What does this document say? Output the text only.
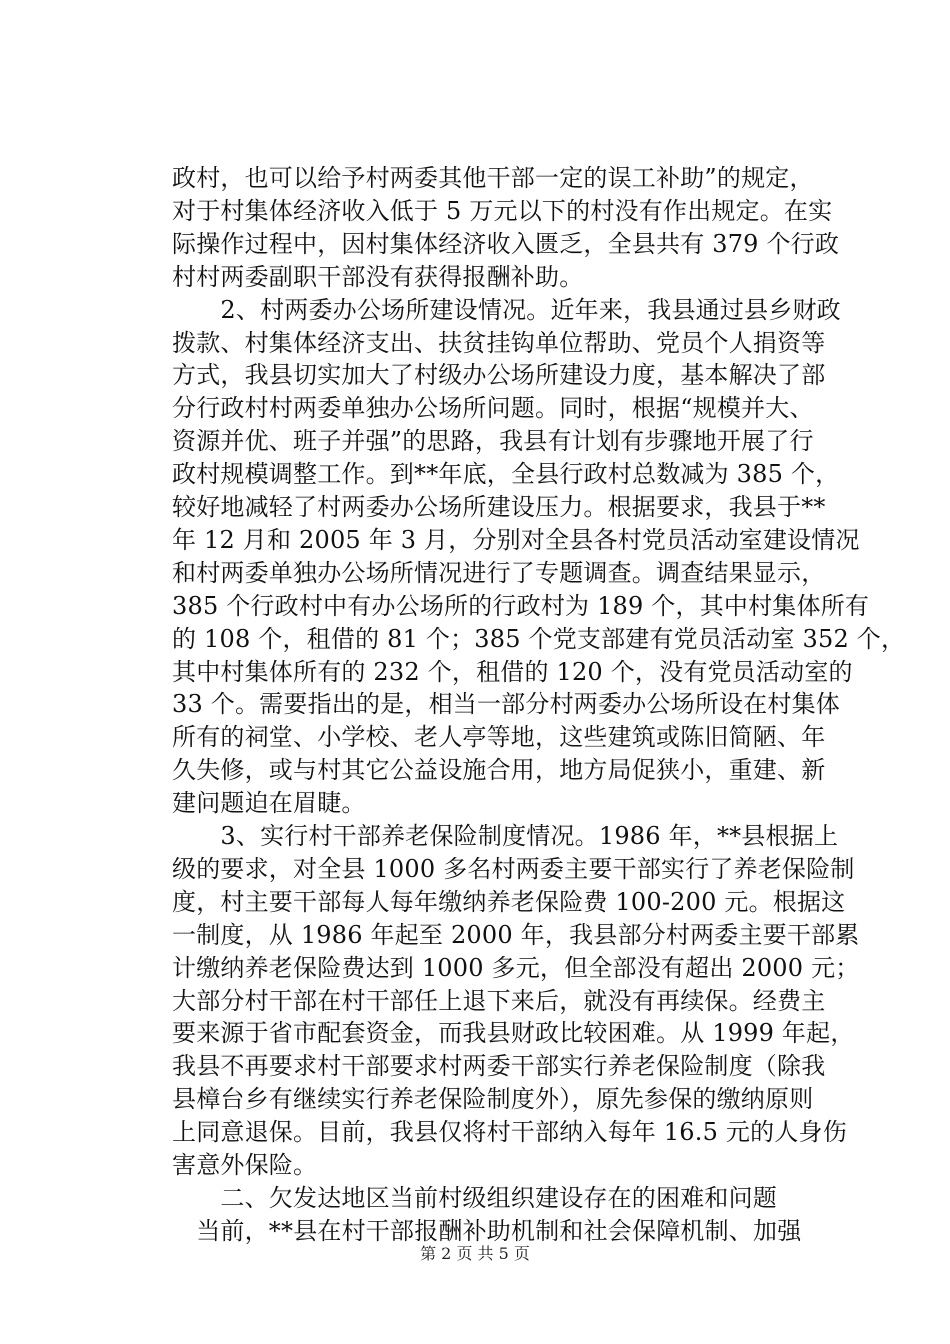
政村，也可以给予村两委其他干部一定的误工补助”的规定，
对于村集体经济收入低于 5 万元以下的村没有作出规定。在实
际操作过程中，因村集体经济收入匮乏，全县共有 379 个行政
村村两委副职干部没有获得报酬补助。
　　2、村两委办公场所建设情况。近年来，我县通过县乡财政
拨款、村集体经济支出、扶贫挂钩单位帮助、党员个人捐资等
方式，我县切实加大了村级办公场所建设力度，基本解决了部
分行政村村两委单独办公场所问题。同时，根据“规模并大、
资源并优、班子并强”的思路，我县有计划有步骤地开展了行
政村规模调整工作。到**年底，全县行政村总数减为 385 个，
较好地减轻了村两委办公场所建设压力。根据要求，我县于**
年 12 月和 2005 年 3 月，分别对全县各村党员活动室建设情况
和村两委单独办公场所情况进行了专题调查。调查结果显示，
385 个行政村中有办公场所的行政村为 189 个，其中村集体所有
的 108 个，租借的 81 个；385 个党支部建有党员活动室 352 个，
其中村集体所有的 232 个，租借的 120 个，没有党员活动室的
33 个。需要指出的是，相当一部分村两委办公场所设在村集体
所有的祠堂、小学校、老人亭等地，这些建筑或陈旧简陋、年
久失修，或与村其它公益设施合用，地方局促狭小，重建、新
建问题迫在眉睫。
　　3、实行村干部养老保险制度情况。1986 年，**县根据上
级的要求，对全县 1000 多名村两委主要干部实行了养老保险制
度，村主要干部每人每年缴纳养老保险费 100-200 元。根据这
一制度，从 1986 年起至 2000 年，我县部分村两委主要干部累
计缴纳养老保险费达到 1000 多元，但全部没有超出 2000 元；
大部分村干部在村干部任上退下来后，就没有再续保。经费主
要来源于省市配套资金，而我县财政比较困难。从 1999 年起，
我县不再要求村干部要求村两委干部实行养老保险制度（除我
县樟台乡有继续实行养老保险制度外），原先参保的缴纳原则
上同意退保。目前，我县仅将村干部纳入每年 16.5 元的人身伤
害意外保险。
　　二、欠发达地区当前村级组织建设存在的困难和问题
　当前，**县在村干部报酬补助机制和社会保障机制、加强
第 2 页 共 5 页
